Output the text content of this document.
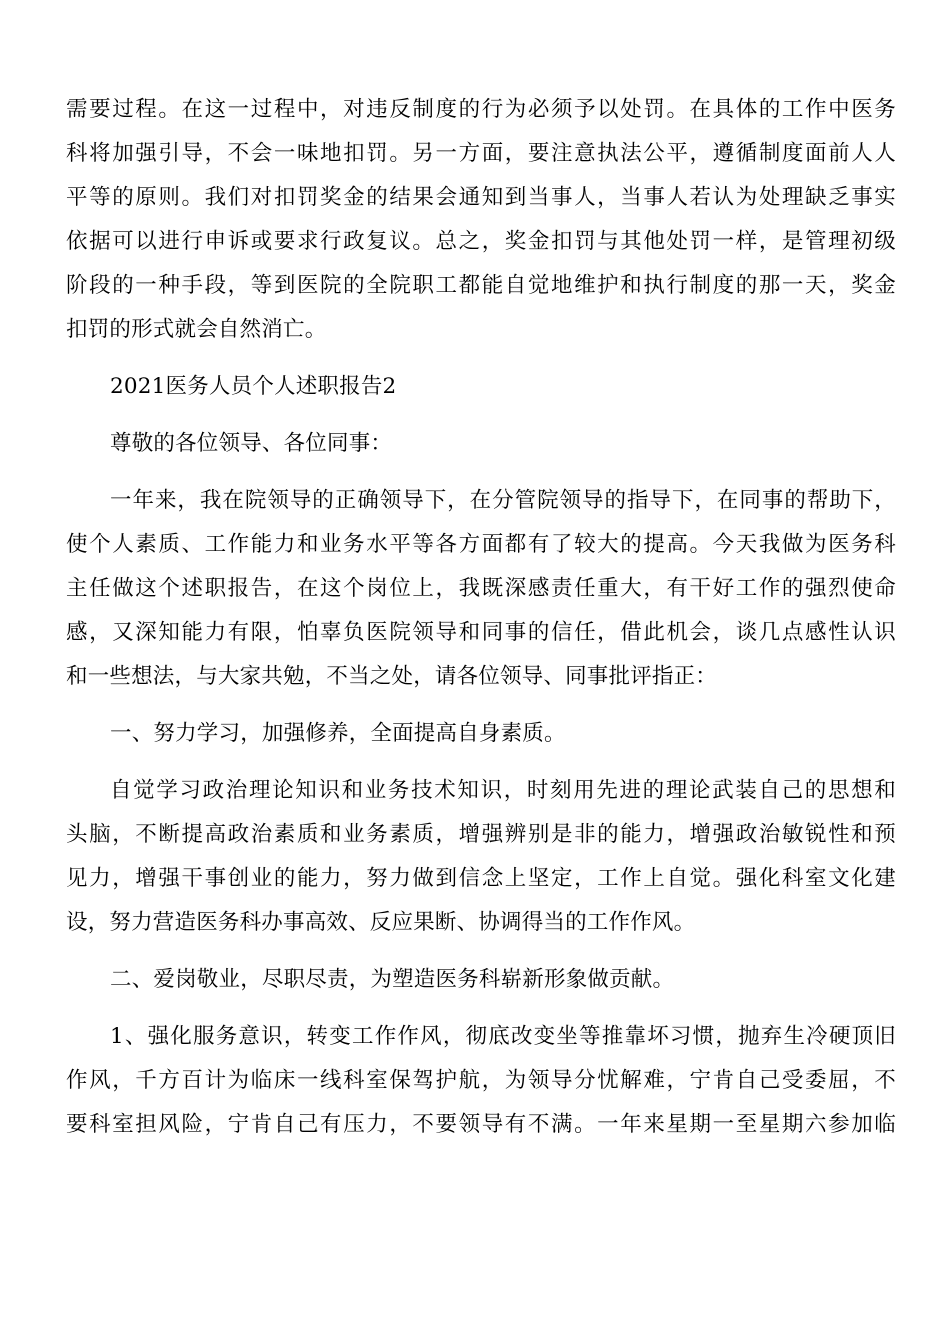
需要过程。在这一过程中，对违反制度的行为必须予以处罚。在具体的工作中医务
科将加强引导，不会一味地扣罚。另一方面，要注意执法公平，遵循制度面前人人
平等的原则。我们对扣罚奖金的结果会通知到当事人，当事人若认为处理缺乏事实
依据可以进行申诉或要求行政复议。总之，奖金扣罚与其他处罚一样，是管理初级
阶段的一种手段，等到医院的全院职工都能自觉地维护和执行制度的那一天，奖金
扣罚的形式就会自然消亡。
2021医务人员个人述职报告2
尊敬的各位领导、各位同事：
一年来，我在院领导的正确领导下，在分管院领导的指导下，在同事的帮助下，
使个人素质、工作能力和业务水平等各方面都有了较大的提高。今天我做为医务科
主任做这个述职报告，在这个岗位上，我既深感责任重大，有干好工作的强烈使命
感，又深知能力有限，怕辜负医院领导和同事的信任，借此机会，谈几点感性认识
和一些想法，与大家共勉，不当之处，请各位领导、同事批评指正：
一、努力学习，加强修养，全面提高自身素质。
自觉学习政治理论知识和业务技术知识，时刻用先进的理论武装自己的思想和
头脑，不断提高政治素质和业务素质，增强辨别是非的能力，增强政治敏锐性和预
见力，增强干事创业的能力，努力做到信念上坚定，工作上自觉。强化科室文化建
设，努力营造医务科办事高效、反应果断、协调得当的工作作风。
二、爱岗敬业，尽职尽责，为塑造医务科崭新形象做贡献。
1、强化服务意识，转变工作作风，彻底改变坐等推靠坏习惯，抛弃生冷硬顶旧
作风，千方百计为临床一线科室保驾护航，为领导分忧解难，宁肯自己受委屈，不
要科室担风险，宁肯自己有压力，不要领导有不满。一年来星期一至星期六参加临
